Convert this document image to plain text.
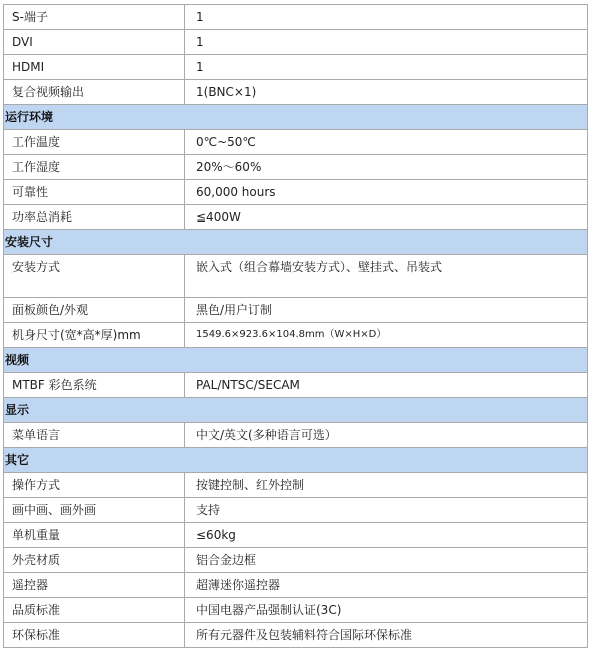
S-端子	1
DVI	1
HDMI	1
复合视频输出	1(BNC×1)
运行环境	
工作温度	0℃~50℃
工作湿度	20%～60%
可靠性	60,000 hours
功率总消耗	≦400W
安装尺寸	
安装方式	嵌入式（组合幕墙安装方式）、壁挂式、吊装式
面板颜色/外观	黑色/用户订制
机身尺寸(宽*高*厚)mm	1549.6×923.6×104.8mm（W×H×D）
视频	
MTBF 彩色系统	PAL/NTSC/SECAM
显示	
菜单语言	中文/英文(多种语言可选）
其它	
操作方式	按键控制、红外控制
画中画、画外画	支持
单机重量	≤60kg
外壳材质	铝合金边框
遥控器	超薄迷你遥控器
品质标准	中国电器产品强制认证(3C)
环保标准	所有元器件及包装辅料符合国际环保标准
